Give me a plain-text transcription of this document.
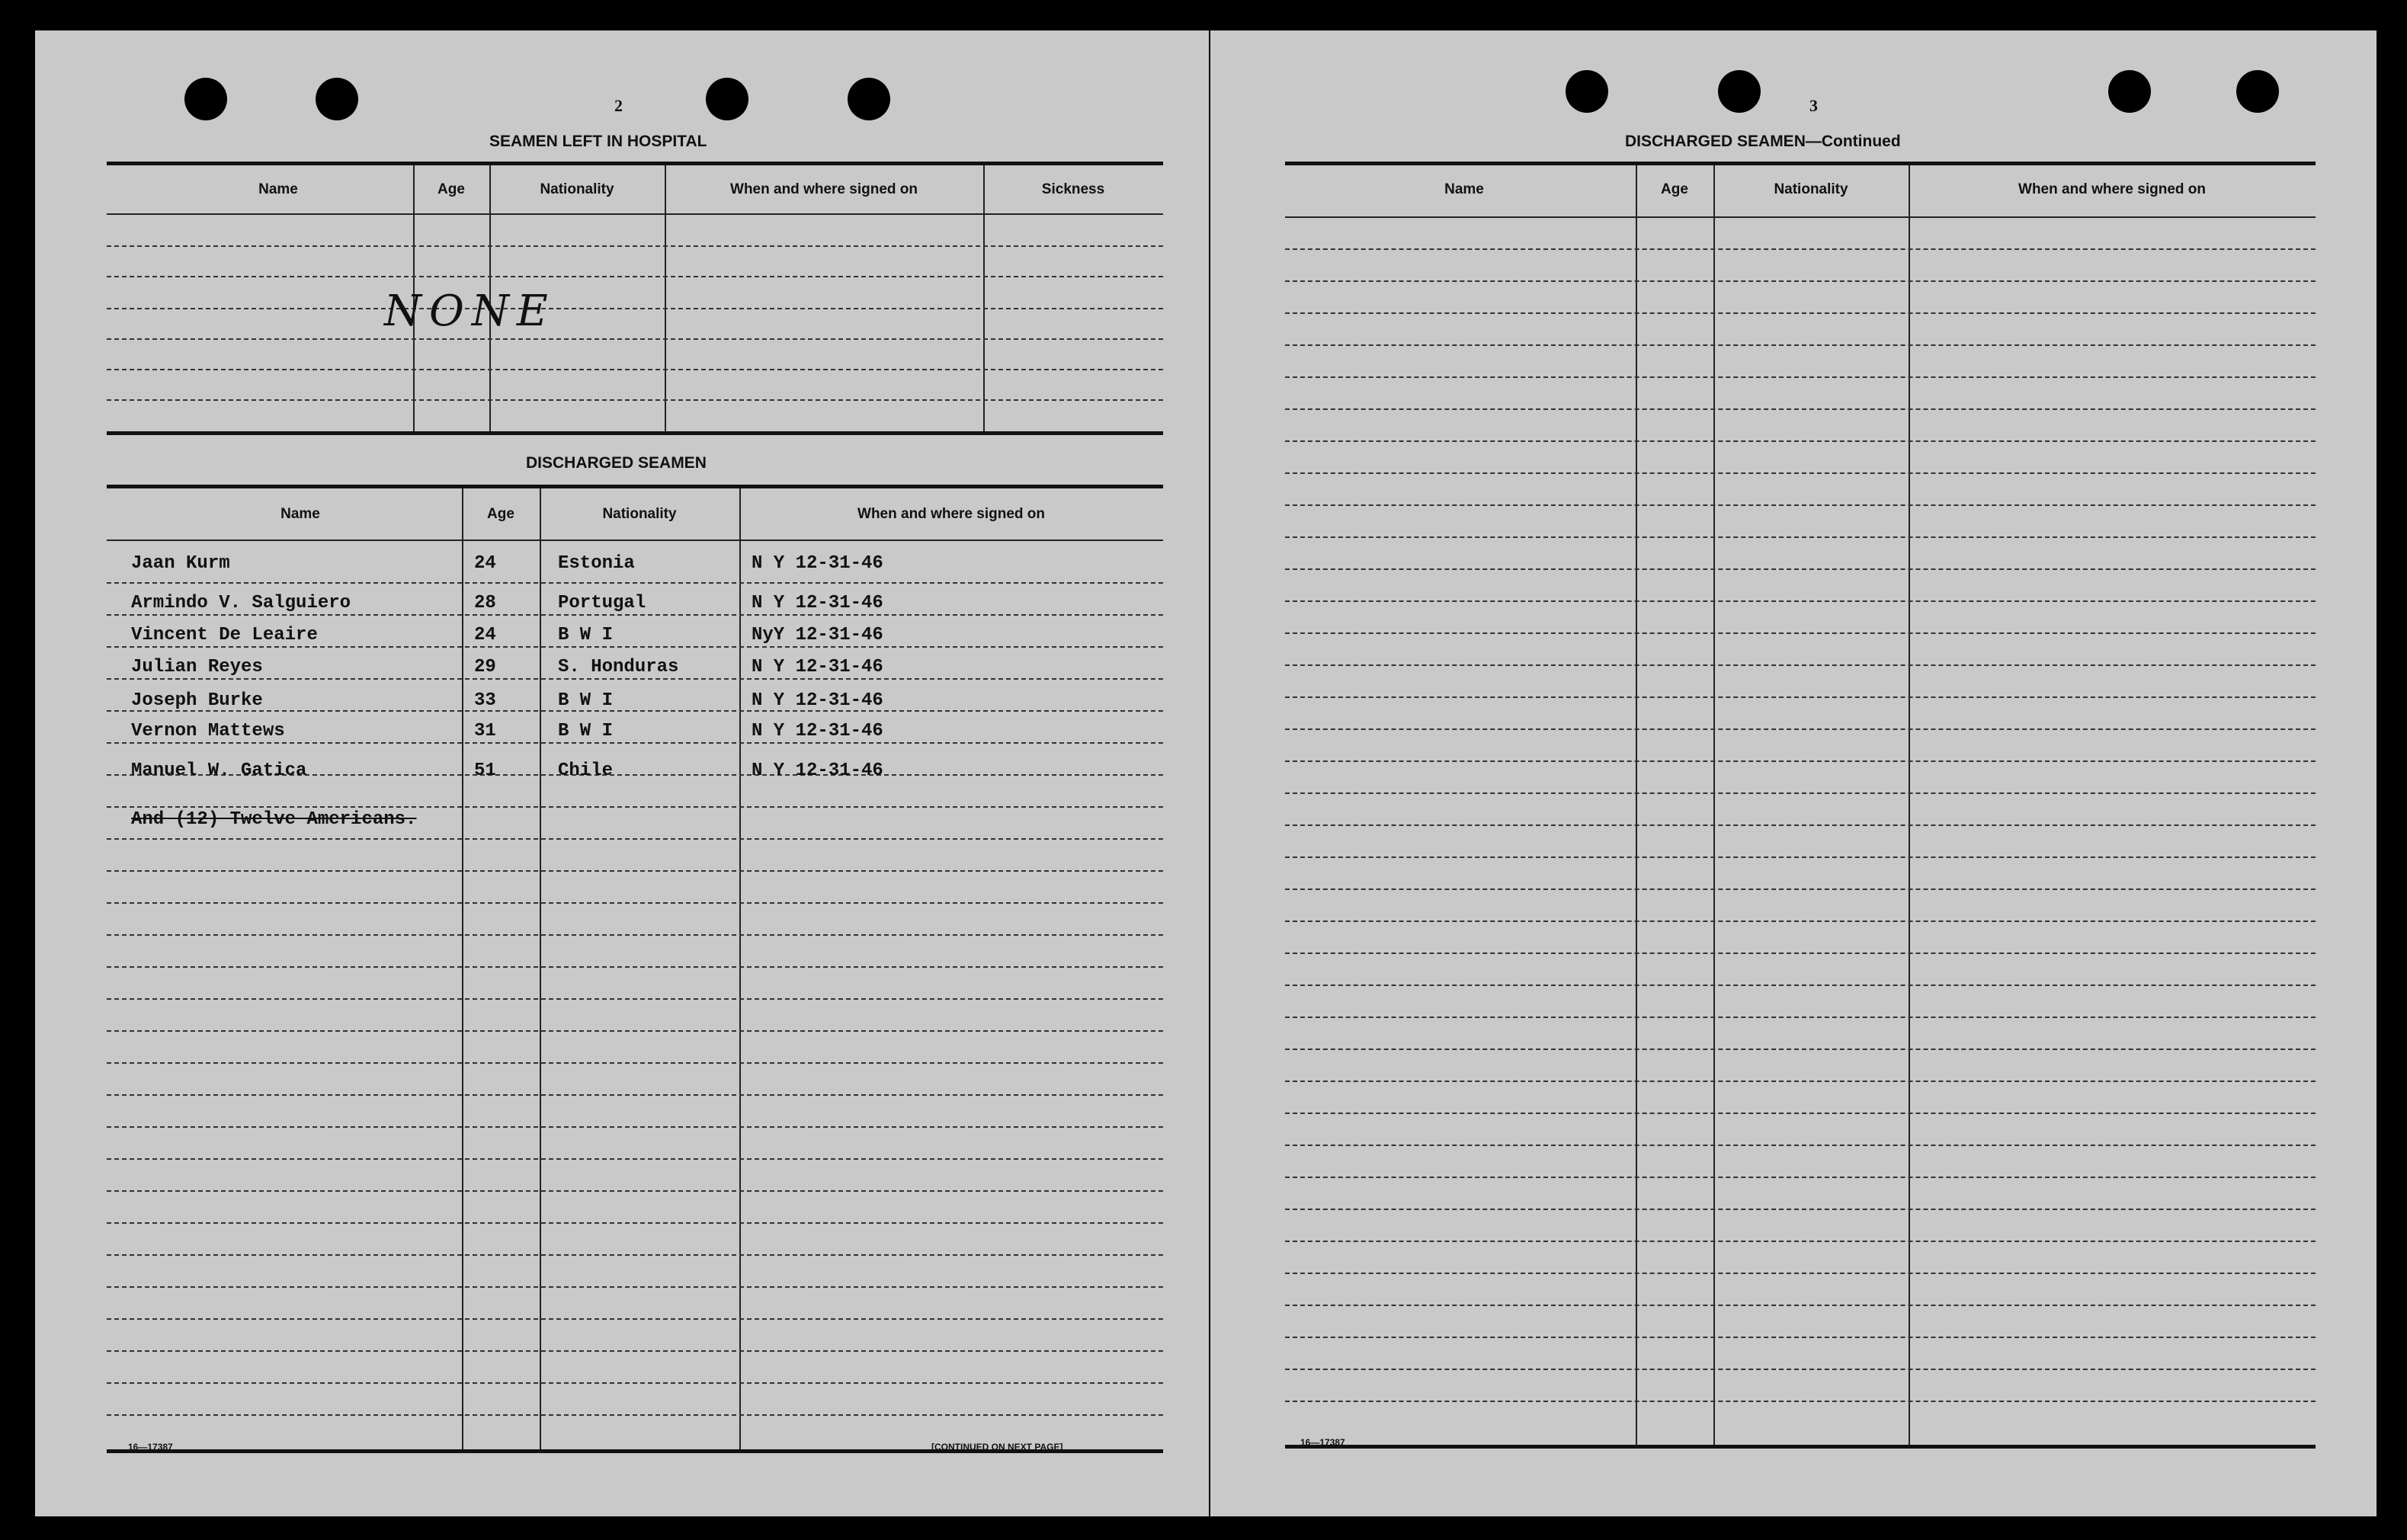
2
SEAMEN LEFT IN HOSPITAL
Name	Age	Nationality	When and where signed on	Sickness
NONE
DISCHARGED SEAMEN
Name	Age	Nationality	When and where signed on
Jaan Kurm	24	Estonia	N Y 12-31-46
Armindo V. Salguiero	28	Portugal	N Y 12-31-46
Vincent De Leaire	24	B W I	NyY 12-31-46
Julian Reyes	29	S. Honduras	N Y 12-31-46
Joseph Burke	33	B W I	N Y 12-31-46
Vernon Mattews	31	B W I	N Y 12-31-46
Manuel W. Gatica	51	Chile	N Y 12-31-46
And (12) Twelve Americans.
16—17387	[CONTINUED ON NEXT PAGE]
3
DISCHARGED SEAMEN—Continued
Name	Age	Nationality	When and where signed on
16—17387
